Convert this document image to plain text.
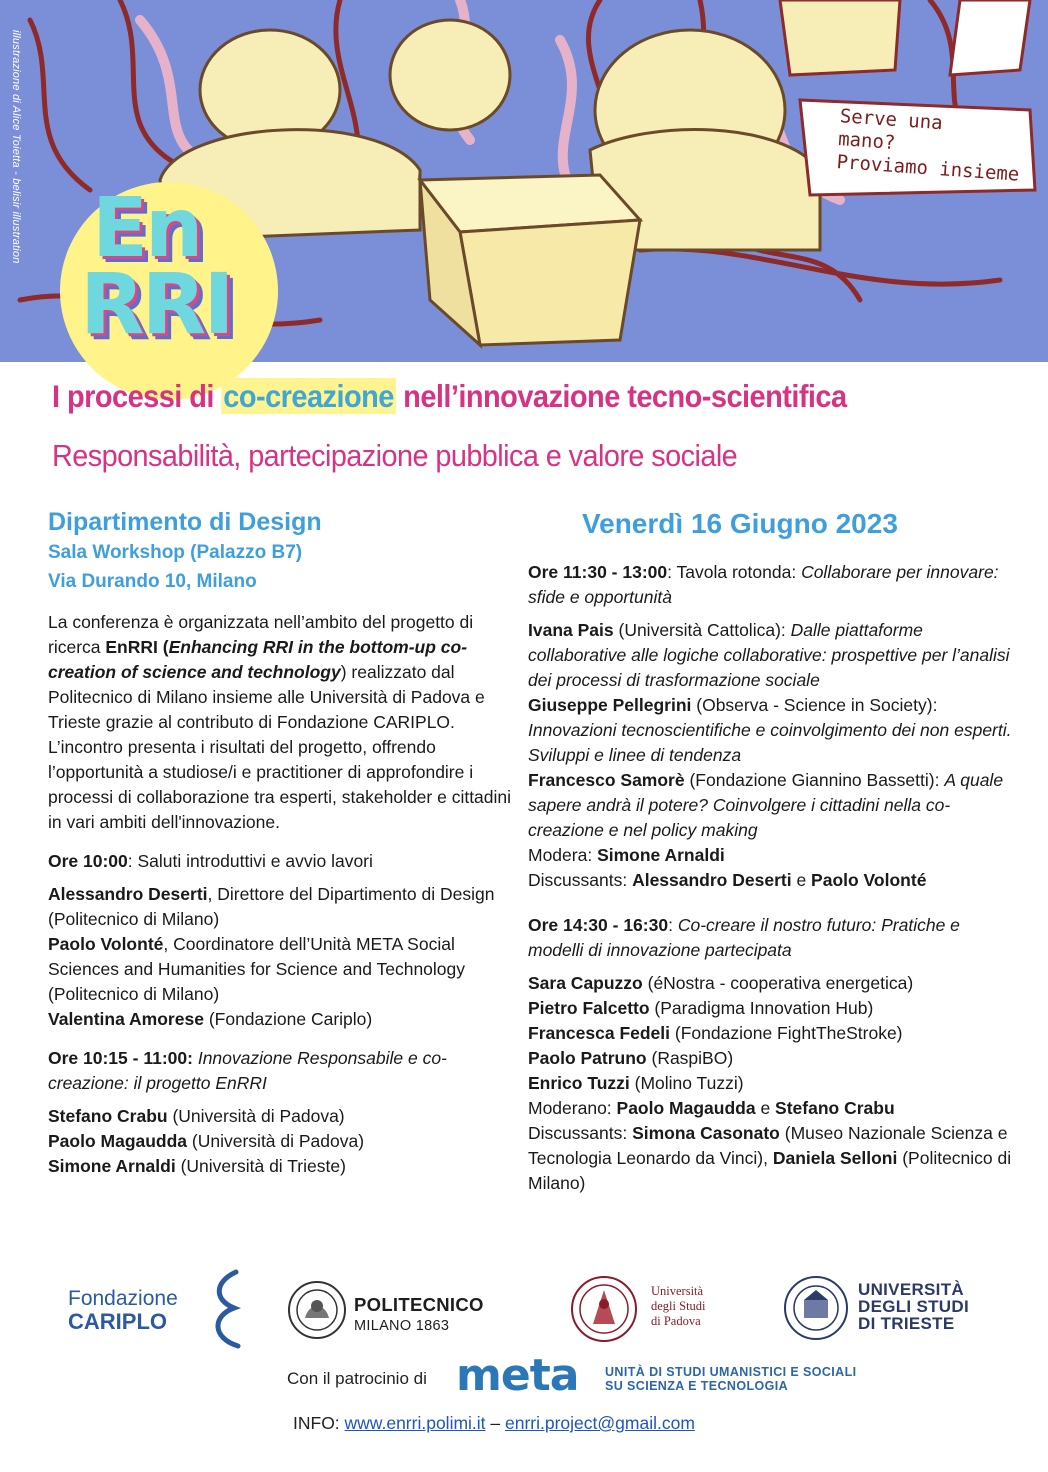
illustrazione di Alice Toietta - belisir illustration	Serve una
mano?
Proviamo insieme
En
RRI
I processi di co-creazione nell’innovazione tecno-scientifica
Responsabilità, partecipazione pubblica e valore sociale
Dipartimento di Design
Sala Workshop (Palazzo B7)
Via Durando 10, Milano

La conferenza è organizzata nell’ambito del progetto di ricerca EnRRI (Enhancing RRI in the bottom-up co-creation of science and technology) realizzato dal Politecnico di Milano insieme alle Università di Padova e Trieste grazie al contributo di Fondazione CARIPLO.

L’incontro presenta i risultati del progetto, offrendo l’opportunità a studiose/i e practitioner di approfondire i processi di collaborazione tra esperti, stakeholder e cittadini in vari ambiti dell'innovazione.

Ore 10:00: Saluti introduttivi e avvio lavori

Alessandro Deserti, Direttore del Dipartimento di Design (Politecnico di Milano)

Paolo Volonté, Coordinatore dell’Unità META Social Sciences and Humanities for Science and Technology (Politecnico di Milano)

Valentina Amorese (Fondazione Cariplo)

Ore 10:15 - 11:00: Innovazione Responsabile e co-creazione: il progetto EnRRI

Stefano Crabu (Università di Padova)

Paolo Magaudda (Università di Padova)

Simone Arnaldi (Università di Trieste)

Venerdì 16 Giugno 2023

Ore 11:30 - 13:00: Tavola rotonda: Collaborare per innovare: sfide e opportunità

Ivana Pais (Università Cattolica): Dalle piattaforme collaborative alle logiche collaborative: prospettive per l’analisi dei processi di trasformazione sociale

Giuseppe Pellegrini (Observa - Science in Society): Innovazioni tecnoscientifiche e coinvolgimento dei non esperti. Sviluppi e linee di tendenza

Francesco Samorè (Fondazione Giannino Bassetti): A quale sapere andrà il potere? Coinvolgere i cittadini nella co-creazione e nel policy making

Modera: Simone Arnaldi

Discussants: Alessandro Deserti e Paolo Volonté

Ore 14:30 - 16:30: Co-creare il nostro futuro: Pratiche e modelli di innovazione partecipata

Sara Capuzzo (éNostra - cooperativa energetica)

Pietro Falcetto (Paradigma Innovation Hub)

Francesca Fedeli (Fondazione FightTheStroke)

Paolo Patruno (RaspiBO)

Enrico Tuzzi (Molino Tuzzi)

Moderano: Paolo Magaudda e Stefano Crabu

Discussants: Simona Casonato (Museo Nazionale Scienza e Tecnologia Leonardo da Vinci), Daniela Selloni (Politecnico di Milano)

Fondazione
CARIPLO
POLITECNICO
MILANO 1863
Università
degli Studi
di Padova
UNIVERSITÀ
DEGLI STUDI
DI TRIESTE
Con il patrocinio di meta UNITÀ DI STUDI UMANISTICI E SOCIALI
SU SCIENZA E TECNOLOGIA
INFO: www.enrri.polimi.it – enrri.project@gmail.com
